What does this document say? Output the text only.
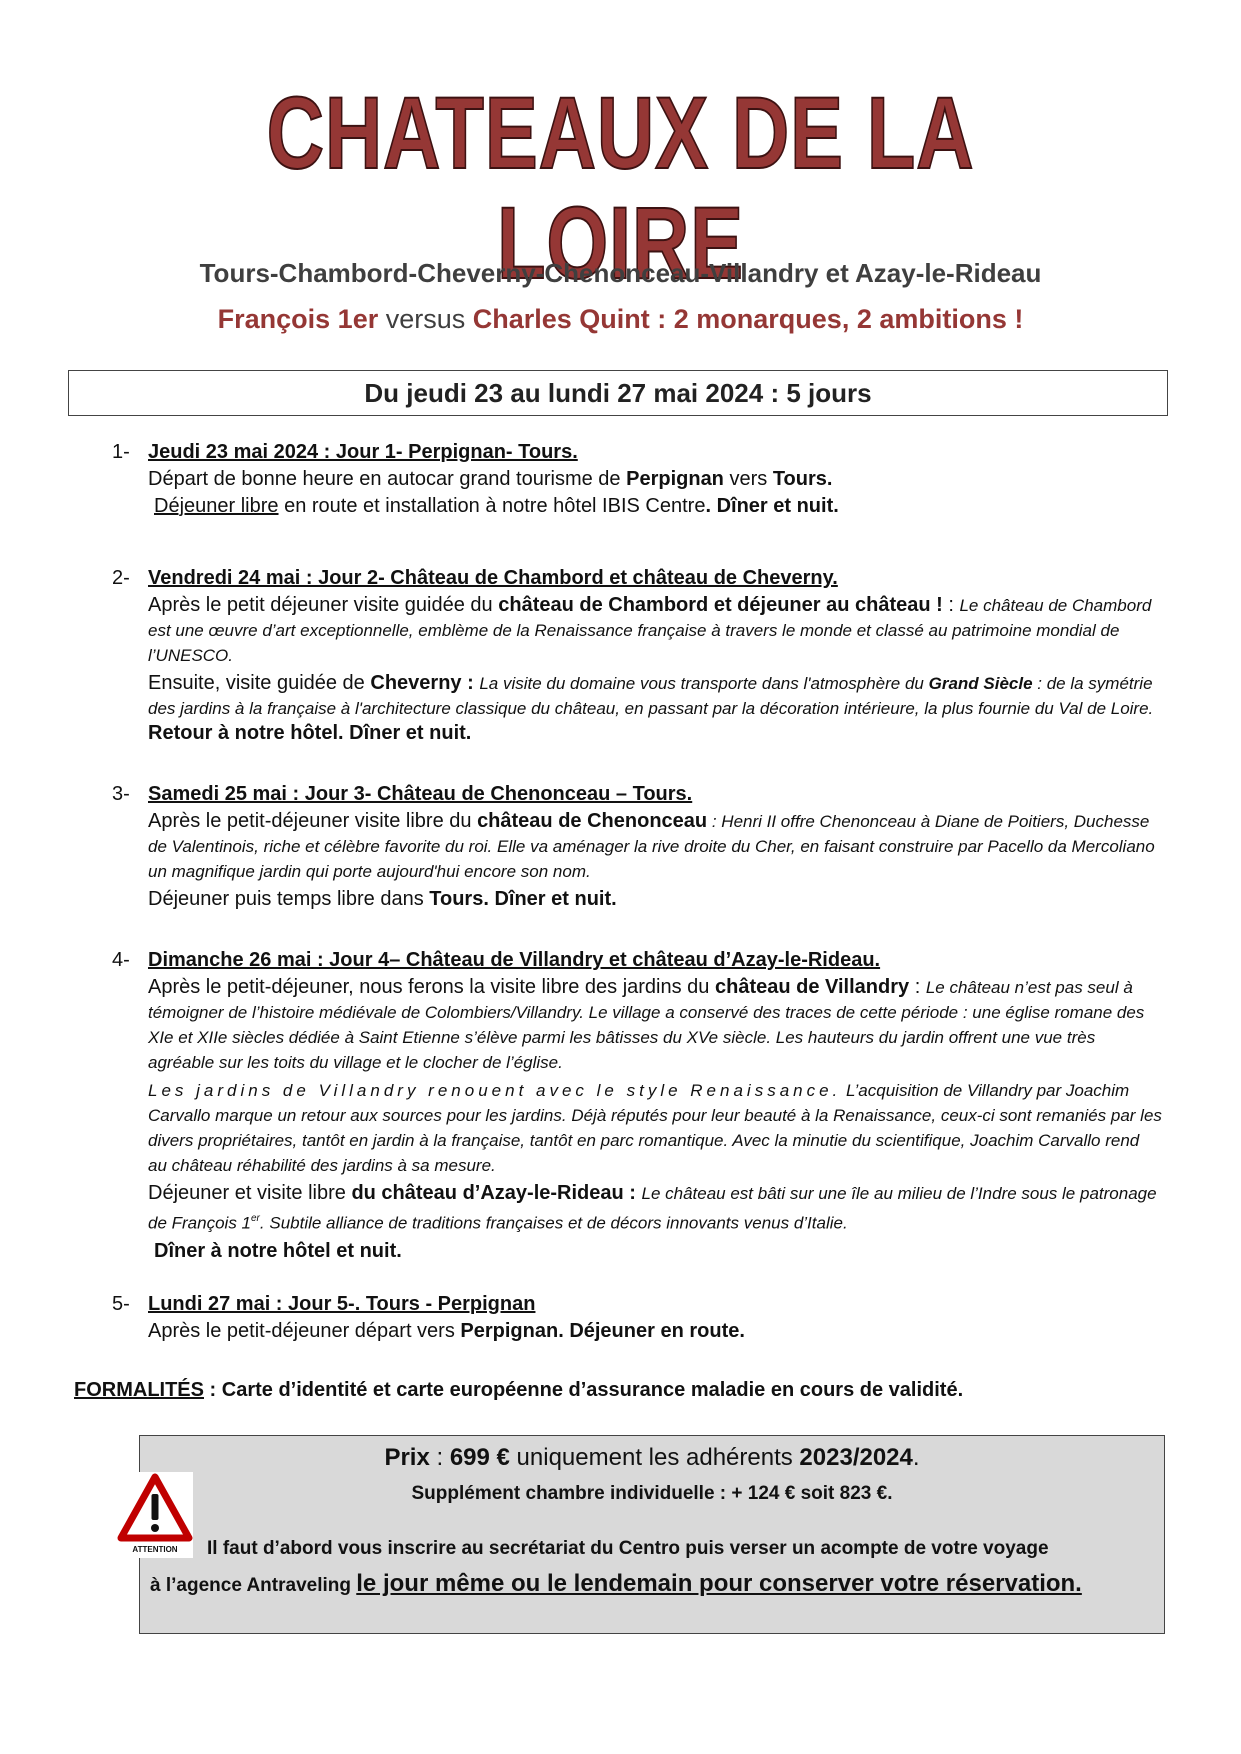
CHATEAUX DE LA LOIRE
Tours-Chambord-Cheverny-Chenonceau-Villandry et Azay-le-Rideau
François 1er versus Charles Quint : 2 monarques, 2 ambitions !
Du jeudi 23 au lundi 27 mai 2024 : 5 jours
1- Jeudi 23 mai 2024 : Jour 1- Perpignan- Tours.

Départ de bonne heure en autocar grand tourisme de Perpignan vers Tours.

Déjeuner libre en route et installation à notre hôtel IBIS Centre. Dîner et nuit.

2- Vendredi 24 mai : Jour 2- Château de Chambord et château de Cheverny.

Après le petit déjeuner visite guidée du château de Chambord et déjeuner au château ! : Le château de Chambord est une œuvre d’art exceptionnelle, emblème de la Renaissance française à travers le monde et classé au patrimoine mondial de l’UNESCO.

Ensuite, visite guidée de Cheverny : La visite du domaine vous transporte dans l'atmosphère du Grand Siècle : de la symétrie des jardins à la française à l'architecture classique du château, en passant par la décoration intérieure, la plus fournie du Val de Loire. Retour à notre hôtel. Dîner et nuit.

3- Samedi 25 mai : Jour 3- Château de Chenonceau – Tours.

Après le petit-déjeuner visite libre du château de Chenonceau : Henri II offre Chenonceau à Diane de Poitiers, Duchesse de Valentinois, riche et célèbre favorite du roi. Elle va aménager la rive droite du Cher, en faisant construire par Pacello da Mercoliano un magnifique jardin qui porte aujourd'hui encore son nom.

Déjeuner puis temps libre dans Tours. Dîner et nuit.

4- Dimanche 26 mai : Jour 4– Château de Villandry et château d’Azay-le-Rideau.

Après le petit-déjeuner, nous ferons la visite libre des jardins du château de Villandry : Le château n’est pas seul à témoigner de l’histoire médiévale de Colombiers/Villandry. Le village a conservé des traces de cette période : une église romane des XIe et XIIe siècles dédiée à Saint Etienne s’élève parmi les bâtisses du XVe siècle. Les hauteurs du jardin offrent une vue très agréable sur les toits du village et le clocher de l’église.

Les jardins de Villandry renouent avec le style Renaissance. L’acquisition de Villandry par Joachim Carvallo marque un retour aux sources pour les jardins. Déjà réputés pour leur beauté à la Renaissance, ceux-ci sont remaniés par les divers propriétaires, tantôt en jardin à la française, tantôt en parc romantique. Avec la minutie du scientifique, Joachim Carvallo rend au château réhabilité des jardins à sa mesure.

Déjeuner et visite libre du château d’Azay-le-Rideau : Le château est bâti sur une île au milieu de l’Indre sous le patronage de François 1er. Subtile alliance de traditions françaises et de décors innovants venus d’Italie.

Dîner à notre hôtel et nuit.

5- Lundi 27 mai : Jour 5-. Tours - Perpignan

Après le petit-déjeuner départ vers Perpignan. Déjeuner en route.

FORMALITÉS : Carte d’identité et carte européenne d’assurance maladie en cours de validité.
Prix : 699 € uniquement les adhérents 2023/2024.
Supplément chambre individuelle : + 124 € soit 823 €.
Il faut d’abord vous inscrire au secrétariat du Centro puis verser un acompte de votre voyage
à l’agence Antraveling le jour même ou le lendemain pour conserver votre réservation.
ATTENTION
